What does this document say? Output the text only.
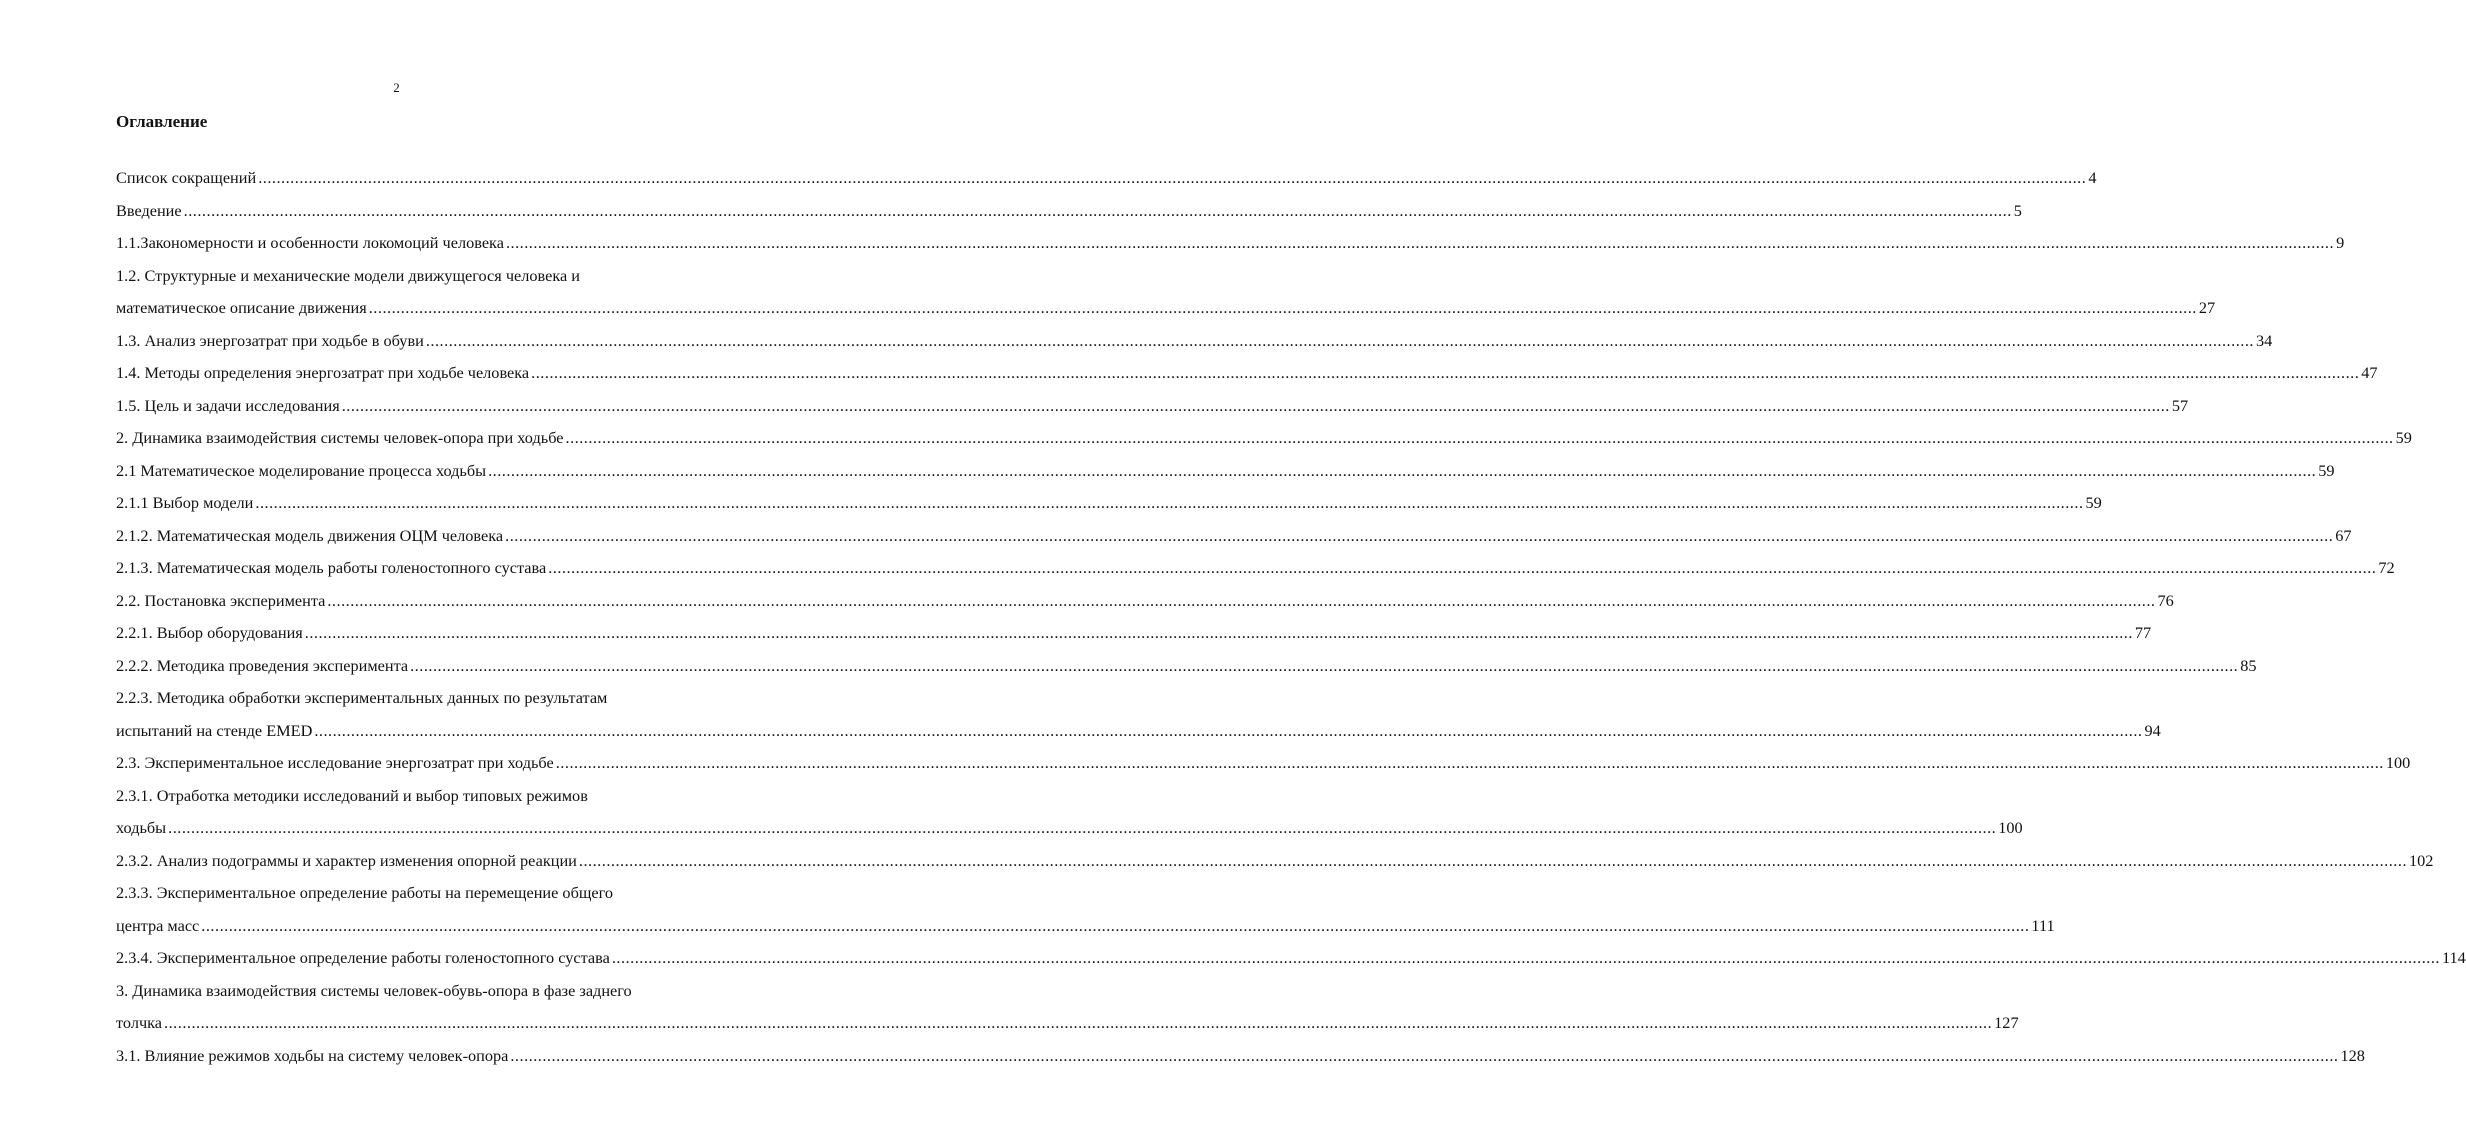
2
Оглавление
Список сокращений ................................................................................................................................................................................................................................................................................................................................................................................................................ 4
Введение ................................................................................................................................................................................................................................................................................................................................................................................................................ 5
1.1.Закономерности и особенности локомоций человека ................................................................................................................................................................................................................................................................................................................................................................................................................ 9
1.2. Структурные и механические модели движущегося человека и
математическое описание движения ................................................................................................................................................................................................................................................................................................................................................................................................................ 27
1.3. Анализ энергозатрат при ходьбе в обуви ................................................................................................................................................................................................................................................................................................................................................................................................................ 34
1.4. Методы определения энергозатрат при ходьбе человека ................................................................................................................................................................................................................................................................................................................................................................................................................ 47
1.5. Цель и задачи исследования ................................................................................................................................................................................................................................................................................................................................................................................................................ 57
2. Динамика взаимодействия системы человек-опора при ходьбе ................................................................................................................................................................................................................................................................................................................................................................................................................ 59
2.1 Математическое моделирование процесса ходьбы ................................................................................................................................................................................................................................................................................................................................................................................................................ 59
2.1.1 Выбор модели ................................................................................................................................................................................................................................................................................................................................................................................................................ 59
2.1.2. Математическая модель движения ОЦМ человека ................................................................................................................................................................................................................................................................................................................................................................................................................ 67
2.1.3. Математическая модель работы голеностопного сустава ................................................................................................................................................................................................................................................................................................................................................................................................................ 72
2.2. Постановка эксперимента ................................................................................................................................................................................................................................................................................................................................................................................................................ 76
2.2.1. Выбор оборудования ................................................................................................................................................................................................................................................................................................................................................................................................................ 77
2.2.2. Методика проведения эксперимента ................................................................................................................................................................................................................................................................................................................................................................................................................ 85
2.2.3. Методика обработки экспериментальных данных по результатам
испытаний на стенде EMED ................................................................................................................................................................................................................................................................................................................................................................................................................ 94
2.3. Экспериментальное исследование энергозатрат при ходьбе ................................................................................................................................................................................................................................................................................................................................................................................................................ 100
2.3.1. Отработка методики исследований и выбор типовых режимов
ходьбы ................................................................................................................................................................................................................................................................................................................................................................................................................ 100
2.3.2. Анализ подограммы и характер изменения опорной реакции ................................................................................................................................................................................................................................................................................................................................................................................................................ 102
2.3.3. Экспериментальное определение работы на перемещение общего
центра масс ................................................................................................................................................................................................................................................................................................................................................................................................................ 111
2.3.4. Экспериментальное определение работы голеностопного сустава ................................................................................................................................................................................................................................................................................................................................................................................................................ 114
3. Динамика взаимодействия системы человек-обувь-опора в фазе заднего
толчка ................................................................................................................................................................................................................................................................................................................................................................................................................ 127
3.1. Влияние режимов ходьбы на систему человек-опора ................................................................................................................................................................................................................................................................................................................................................................................................................ 128
